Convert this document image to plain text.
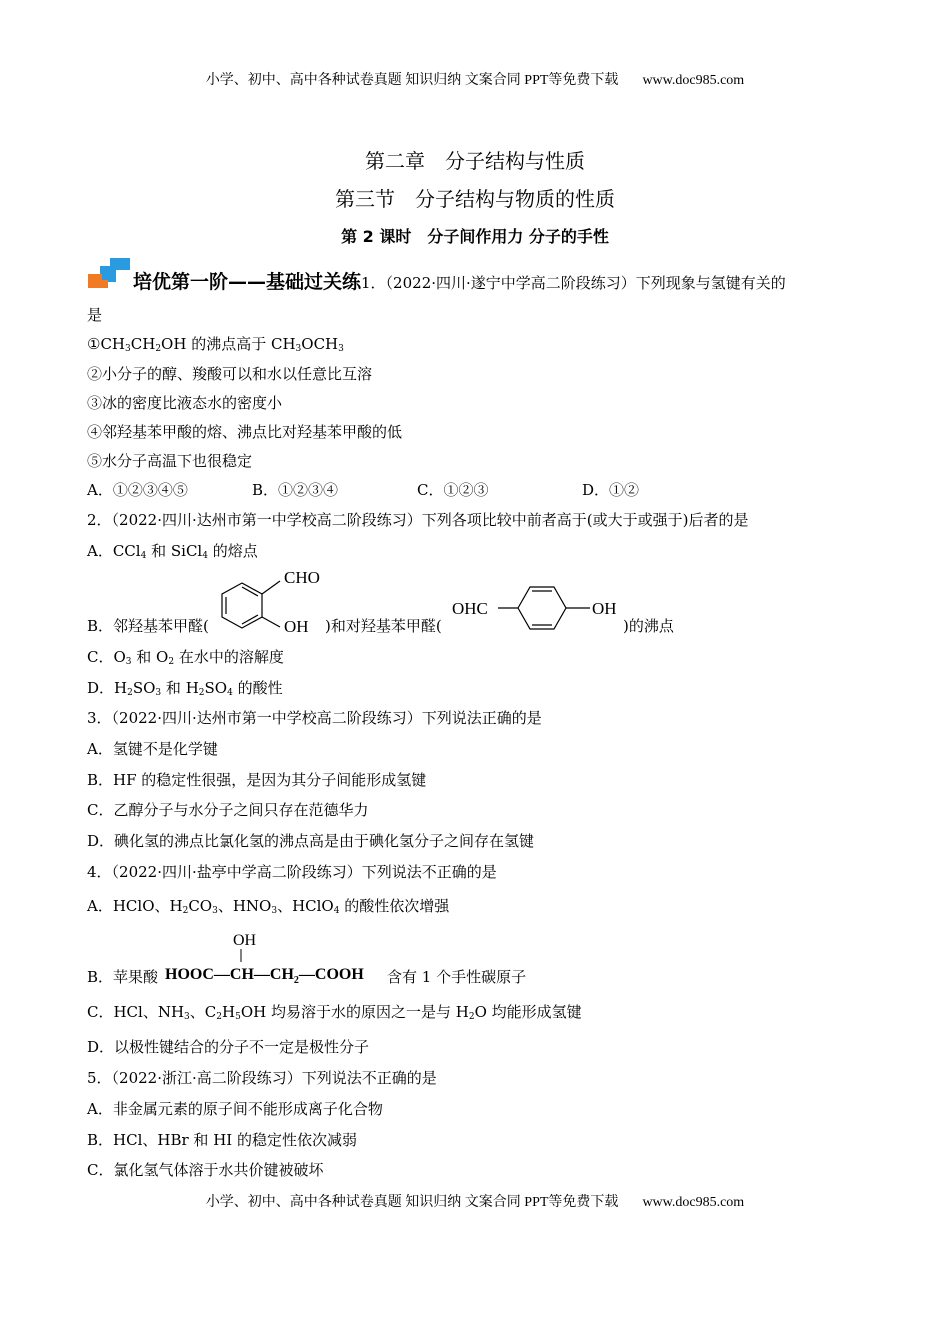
小学、初中、高中各种试卷真题 知识归纳 文案合同 PPT等免费下载 www.doc985.com
第二章　分子结构与性质
第三节　分子结构与物质的性质
第 2 课时　分子间作用力 分子的手性
培优第一阶——基础过关练1．（2022·四川·遂宁中学高二阶段练习）下列现象与氢键有关的
是
$①CH_3CH_2OH$ 的沸点高于 $CH_3OCH_3$
②小分子的醇、羧酸可以和水以任意比互溶
③冰的密度比液态水的密度小
④邻羟基苯甲酸的熔、沸点比对羟基苯甲酸的低
⑤水分子高温下也很稳定
A．①②③④⑤	B．①②③④	C．①②③	D．①②
2．（2022·四川·达州市第一中学校高二阶段练习）下列各项比较中前者高于(或大于或强于)后者的是
A．CCl$_4$ 和 SiCl$_4$ 的熔点
B．邻羟基苯甲醛(
CHO
OH )和对羟基苯甲醛(
OHC	OH
)的沸点
C．$O_3$ 和 $O_2$ 在水中的溶解度
D．$H_2SO_3$ 和 $H_2SO_4$ 的酸性
3．（2022·四川·达州市第一中学校高二阶段练习）下列说法正确的是
A．氢键不是化学键
B．HF 的稳定性很强，是因为其分子间能形成氢键
C．乙醇分子与水分子之间只存在范德华力
D．碘化氢的沸点比氯化氢的沸点高是由于碘化氢分子之间存在氢键
4．（2022·四川·盐亭中学高二阶段练习）下列说法不正确的是
A．HClO、$H_2CO_3$、$HNO_3$、HClO$_4$ 的酸性依次增强
B．苹果酸
OH
$HOOC—CH—CH_2—COOH$ 含有 1 个手性碳原子
C．HCl、$NH_3$、$C_2H_5OH$ 均易溶于水的原因之一是与 $H_2O$ 均能形成氢键
D．以极性键结合的分子不一定是极性分子
5．（2022·浙江·高二阶段练习）下列说法不正确的是
A．非金属元素的原子间不能形成离子化合物
B．HCl、HBr 和 HI 的稳定性依次减弱
C．氯化氢气体溶于水共价键被破坏
小学、初中、高中各种试卷真题 知识归纳 文案合同 PPT等免费下载 www.doc985.com
